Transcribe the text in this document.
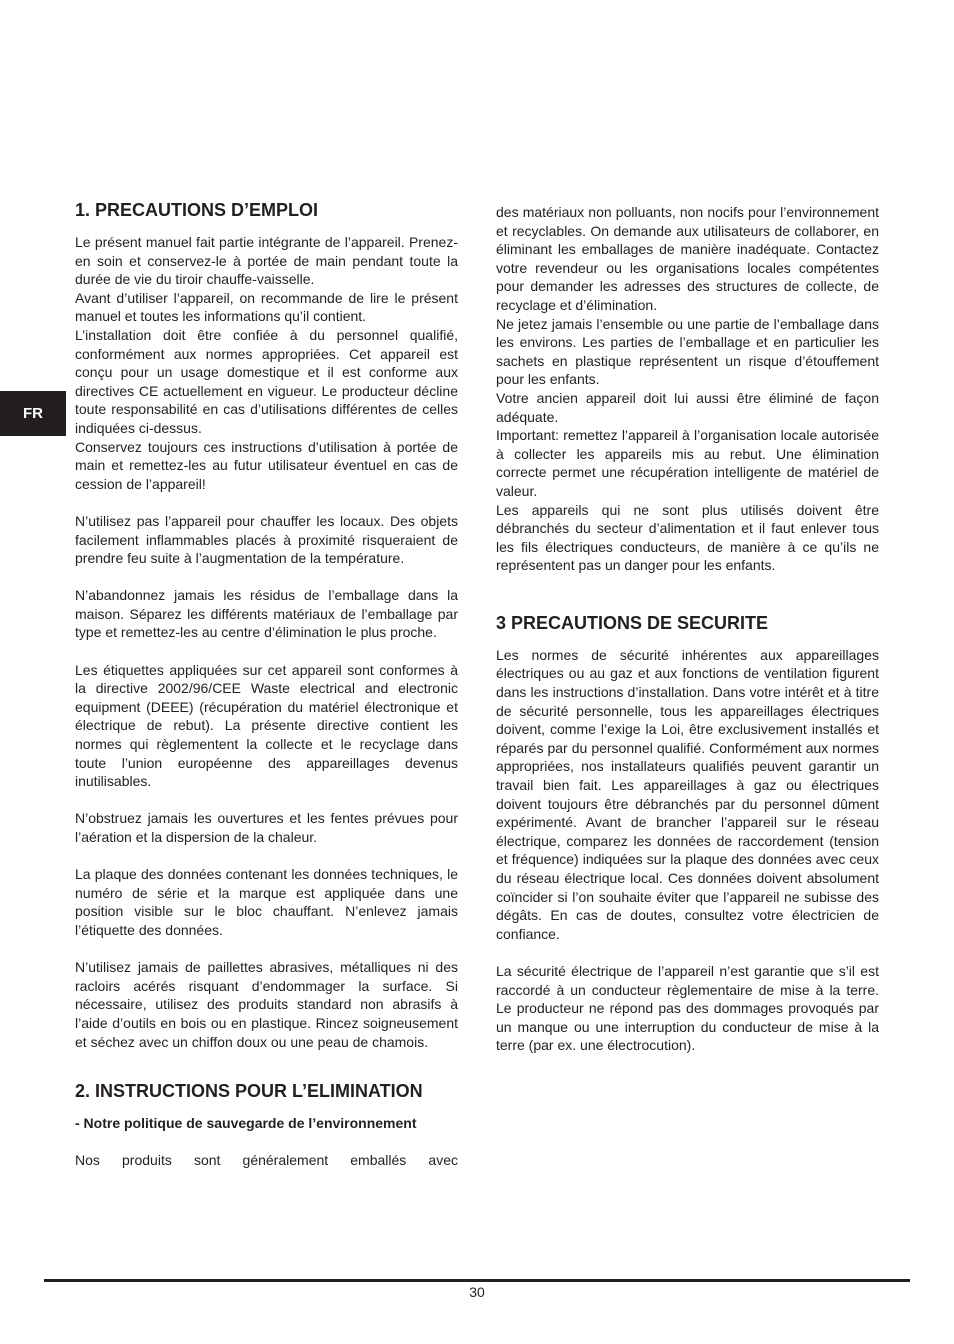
FR
1. PRECAUTIONS D’EMPLOI

Le présent manuel fait partie intégrante de l’appareil. Prenez-en soin et conservez-le à portée de main pendant toute la durée de vie du tiroir chauffe-vaisselle.

Avant d’utiliser l’appareil, on recommande de lire le présent manuel et toutes les informations qu’il contient.

L’installation doit être confiée à du personnel qualifié, conformément aux normes appropriées. Cet appareil est conçu pour un usage domestique et il est conforme aux directives CE actuellement en vigueur. Le producteur décline toute responsabilité en cas d’utilisations différentes de celles indiquées ci-dessus.

Conservez toujours ces instructions d’utilisation à portée de main et remettez-les au futur utilisateur éventuel en cas de cession de l’appareil!

N’utilisez pas l’appareil pour chauffer les locaux. Des objets facilement inflammables placés à proximité risqueraient de prendre feu suite à l’augmentation de la température.

N’abandonnez jamais les résidus de l’emballage dans la maison. Séparez les différents matériaux de l’emballage par type et remettez-les au centre d’élimination le plus proche.

Les étiquettes appliquées sur cet appareil sont conformes à la directive 2002/96/CEE Waste electrical and electronic equipment (DEEE) (récupération du matériel électronique et électrique de rebut). La présente directive contient les normes qui règlementent la collecte et le recyclage dans toute l’union européenne des appareillages devenus inutilisables.

N’obstruez jamais les ouvertures et les fentes prévues pour l’aération et la dispersion de la chaleur.

La plaque des données contenant les données techniques, le numéro de série et la marque est appliquée dans une position visible sur le bloc chauffant. N’enlevez jamais l’étiquette des données.

N’utilisez jamais de paillettes abrasives, métalliques ni des racloirs acérés risquant d’endommager la surface. Si nécessaire, utilisez des produits standard non abrasifs à l’aide d’outils en bois ou en plastique. Rincez soigneusement et séchez avec un chiffon doux ou une peau de chamois.

2. INSTRUCTIONS POUR L’ELIMINATION

- Notre politique de sauvegarde de l’environnement

Nos produits sont généralement emballés avec

des matériaux non polluants, non nocifs pour l’environnement et recyclables. On demande aux utilisateurs de collaborer, en éliminant les emballages de manière inadéquate. Contactez votre revendeur ou les organisations locales compétentes pour demander les adresses des structures de collecte, de recyclage et d’élimination.

Ne jetez jamais l’ensemble ou une partie de l’emballage dans les environs. Les parties de l’emballage et en particulier les sachets en plastique représentent un risque d’étouffement pour les enfants.

Votre ancien appareil doit lui aussi être éliminé de façon adéquate.

Important: remettez l’appareil à l’organisation locale autorisée à collecter les appareils mis au rebut. Une élimination correcte permet une récupération intelligente de matériel de valeur.

Les appareils qui ne sont plus utilisés doivent être débranchés du secteur d’alimentation et il faut enlever tous les fils électriques conducteurs, de manière à ce qu’ils ne représentent pas un danger pour les enfants.

3 PRECAUTIONS DE SECURITE

Les normes de sécurité inhérentes aux appareillages électriques ou au gaz et aux fonctions de ventilation figurent dans les instructions d’installation. Dans votre intérêt et à titre de sécurité personnelle, tous les appareillages électriques doivent, comme l’exige la Loi, être exclusivement installés et réparés par du personnel qualifié. Conformément aux normes appropriées, nos installateurs qualifiés peuvent garantir un travail bien fait. Les appareillages à gaz ou électriques doivent toujours être débranchés par du personnel dûment expérimenté. Avant de brancher l’appareil sur le réseau électrique, comparez les données de raccordement (tension et fréquence) indiquées sur la plaque des données avec ceux du réseau électrique local. Ces données doivent absolument coïncider si l’on souhaite éviter que l’appareil ne subisse des dégâts. En cas de doutes, consultez votre électricien de confiance.

La sécurité électrique de l’appareil n’est garantie que s’il est raccordé à un conducteur règlementaire de mise à la terre. Le producteur ne répond pas des dommages provoqués par un manque ou une interruption du conducteur de mise à la terre (par ex. une électrocution).

30
